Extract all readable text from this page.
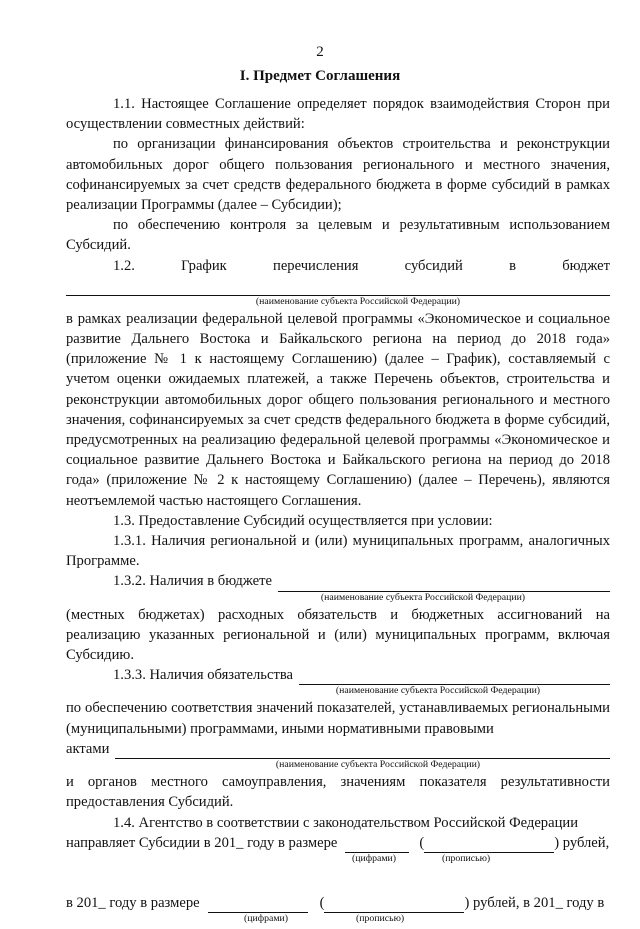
2
I. Предмет Соглашения

1.1. Настоящее Соглашение определяет порядок взаимодействия Сторон при осуществлении совместных действий:

по организации финансирования объектов строительства и реконструкции автомобильных дорог общего пользования регионального и местного значения, софинансируемых за счет средств федерального бюджета в форме субсидий в рамках реализации Программы (далее – Субсидии);

по обеспечению контроля за целевым и результативным использованием Субсидий.

1.2.	График	перечисления	субсидий	в	бюджет
(наименование субъекта Российской Федерации)

в рамках реализации федеральной целевой программы «Экономическое и социальное развитие Дальнего Востока и Байкальского региона на период до 2018 года» (приложение № 1 к настоящему Соглашению) (далее – График), составляемый с учетом оценки ожидаемых платежей, а также Перечень объектов, строительства и реконструкции автомобильных дорог общего пользования регионального и местного значения, софинансируемых за счет средств федерального бюджета в форме субсидий, предусмотренных на реализацию федеральной целевой программы «Экономическое и социальное развитие Дальнего Востока и Байкальского региона на период до 2018 года» (приложение № 2 к настоящему Соглашению) (далее – Перечень), являются неотъемлемой частью настоящего Соглашения.

1.3. Предоставление Субсидий осуществляется при условии:

1.3.1. Наличия региональной и (или) муниципальных программ, аналогичных Программе.

1.3.2. Наличия в бюджете
(наименование субъекта Российской Федерации)

(местных бюджетах) расходных обязательств и бюджетных ассигнований на реализацию указанных региональной и (или) муниципальных программ, включая Субсидию.

1.3.3. Наличия обязательства
(наименование субъекта Российской Федерации)

по обеспечению соответствия значений показателей, устанавливаемых региональными (муниципальными) программами, иными нормативными правовыми

актами
(наименование субъекта Российской Федерации)

и органов местного самоуправления, значениям показателя результативности предоставления Субсидий.

1.4. Агентство в соответствии с законодательством Российской Федерации

направляет Субсидии в 201_ году в размере	(	) рублей,
(цифрами)	(прописью)
в 201_ году в размере	(	) рублей, в 201_ году в
(цифрами)	(прописью)
